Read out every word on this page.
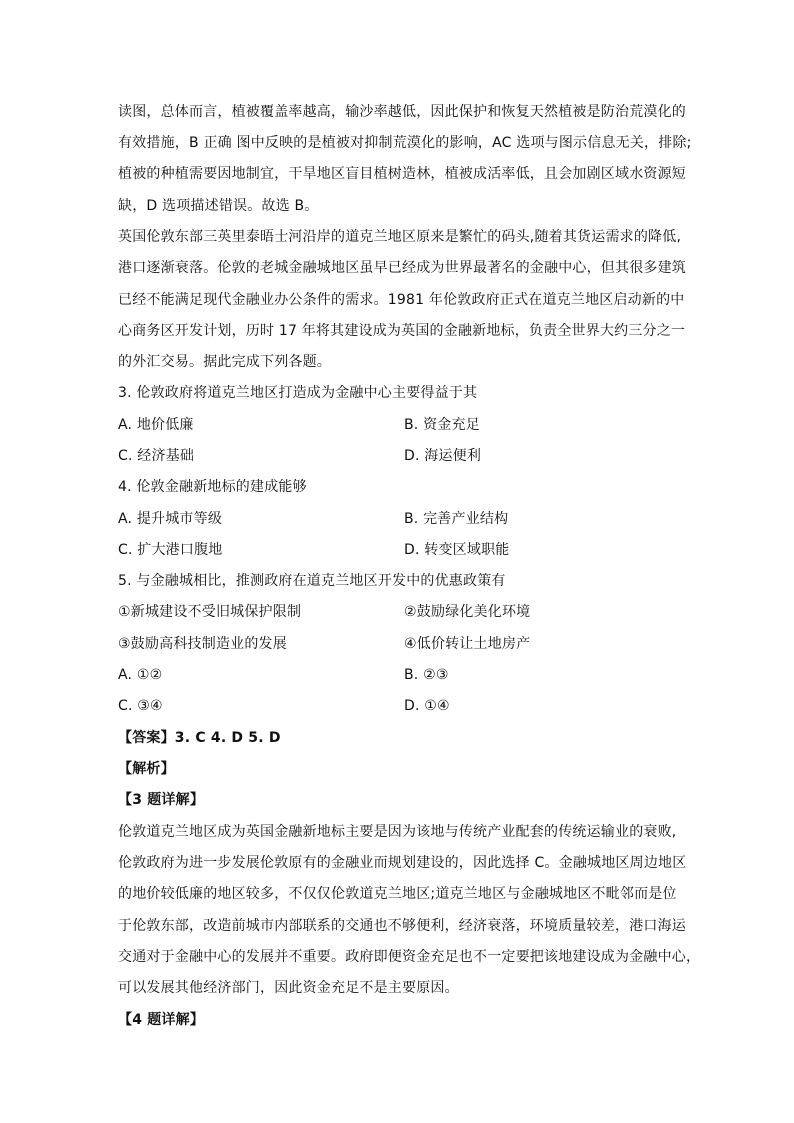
读图，总体而言，植被覆盖率越高，输沙率越低，因此保护和恢复天然植被是防治荒漠化的
有效措施，B 正确 图中反映的是植被对抑制荒漠化的影响，AC 选项与图示信息无关，排除;
植被的种植需要因地制宜，干旱地区盲目植树造林，植被成活率低，且会加剧区域水资源短
缺，D 选项描述错误。故选 B。
英国伦敦东部三英里泰晤士河沿岸的道克兰地区原来是繁忙的码头,随着其货运需求的降低,
港口逐渐衰落。伦敦的老城金融城地区虽早已经成为世界最著名的金融中心，但其很多建筑
已经不能满足现代金融业办公条件的需求。1981 年伦敦政府正式在道克兰地区启动新的中
心商务区开发计划，历时 17 年将其建设成为英国的金融新地标，负责全世界大约三分之一
的外汇交易。据此完成下列各题。
3. 伦敦政府将道克兰地区打造成为金融中心主要得益于其
A. 地价低廉	B. 资金充足
C. 经济基础	D. 海运便利
4. 伦敦金融新地标的建成能够
A. 提升城市等级	B. 完善产业结构
C. 扩大港口腹地	D. 转变区域职能
5. 与金融城相比，推测政府在道克兰地区开发中的优惠政策有
①新城建设不受旧城保护限制	②鼓励绿化美化环境
③鼓励高科技制造业的发展	④低价转让土地房产
A. ①②	B. ②③
C. ③④	D. ①④
【答案】3. C 4. D 5. D
【解析】
【3 题详解】
伦敦道克兰地区成为英国金融新地标主要是因为该地与传统产业配套的传统运输业的衰败,
伦敦政府为进一步发展伦敦原有的金融业而规划建设的，因此选择 C。金融城地区周边地区
的地价较低廉的地区较多，不仅仅伦敦道克兰地区;道克兰地区与金融城地区不毗邻而是位
于伦敦东部，改造前城市内部联系的交通也不够便利，经济衰落，环境质量较差，港口海运
交通对于金融中心的发展并不重要。政府即便资金充足也不一定要把该地建设成为金融中心，
可以发展其他经济部门，因此资金充足不是主要原因。
【4 题详解】
